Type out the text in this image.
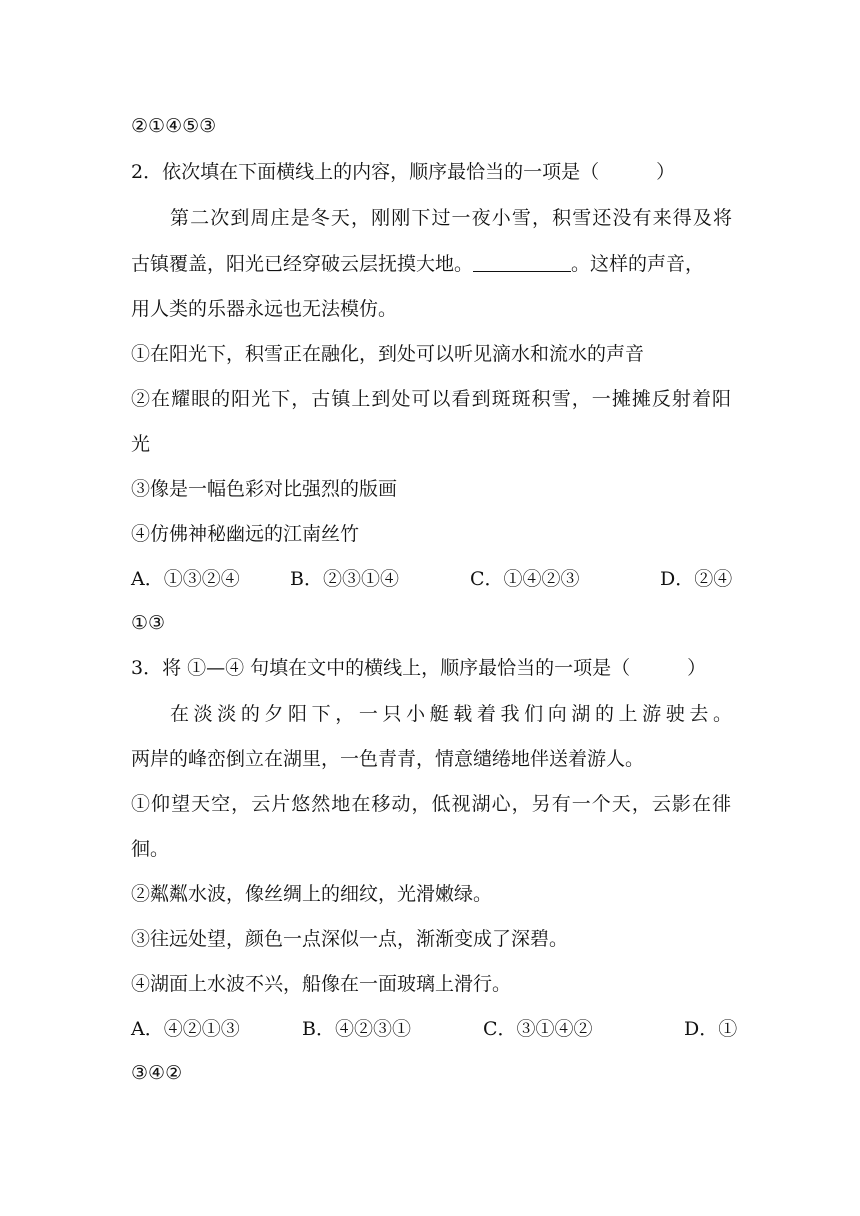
②①④⑤③
2．依次填在下面横线上的内容，顺序最恰当的一项是（　　　）
第二次到周庄是冬天，刚刚下过一夜小雪，积雪还没有来得及将
古镇覆盖，阳光已经穿破云层抚摸大地。	。这样的声音，
用人类的乐器永远也无法模仿。
①在阳光下，积雪正在融化，到处可以听见滴水和流水的声音
②在耀眼的阳光下，古镇上到处可以看到斑斑积雪，一摊摊反射着阳
光
③像是一幅色彩对比强烈的版画
④仿佛神秘幽远的江南丝竹
A．①③②④	B．②③①④	C．①④②③	D．②④
①③
3．将 ①—④ 句填在文中的横线上，顺序最恰当的一项是（　　　）
在淡淡的夕阳下，一只小艇载着我们向湖的上游驶去。
两岸的峰峦倒立在湖里，一色青青，情意缱绻地伴送着游人。
①仰望天空，云片悠然地在移动，低视湖心，另有一个天，云影在徘
徊。
②粼粼水波，像丝绸上的细纹，光滑嫩绿。
③往远处望，颜色一点深似一点，渐渐变成了深碧。
④湖面上水波不兴，船像在一面玻璃上滑行。
A．④②①③	B．④②③①	C．③①④②	D．①
③④②
